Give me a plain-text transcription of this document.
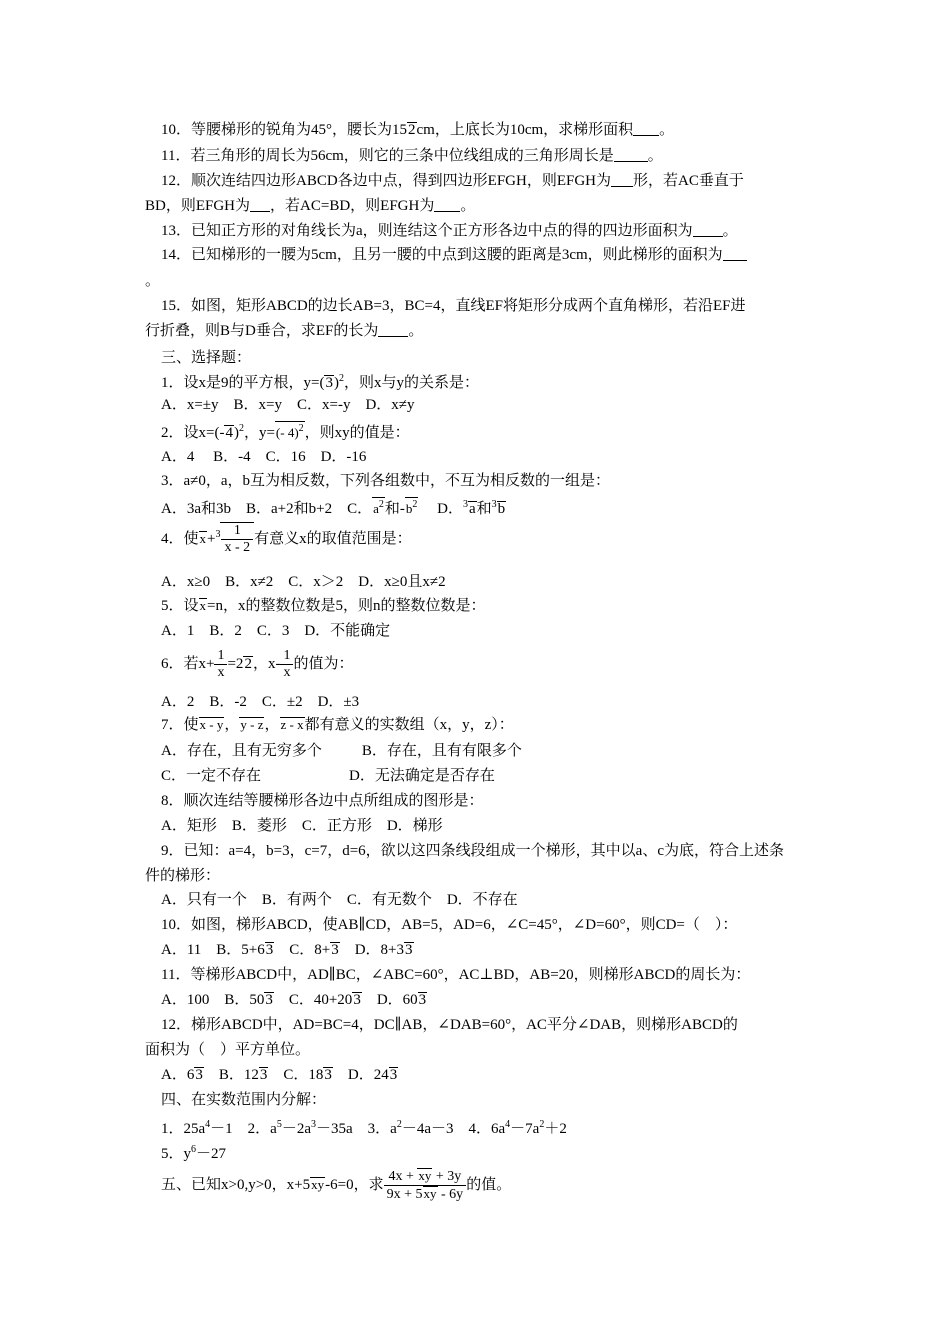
10．等腰梯形的锐角为45°，腰长为152cm，上底长为10cm，求梯形面积 。
11．若三角形的周长为56cm，则它的三条中位线组成的三角形周长是 。
12．顺次连结四边形ABCD各边中点，得到四边形EFGH，则EFGH为 形，若AC垂直于
BD，则EFGH为 ，若AC=BD，则EFGH为 。
13．已知正方形的对角线长为a，则连结这个正方形各边中点的得的四边形面积为 。
14．已知梯形的一腰为5cm，且另一腰的中点到这腰的距离是3cm，则此梯形的面积为
。
15．如图，矩形ABCD的边长AB=3，BC=4，直线EF将矩形分成两个直角梯形，若沿EF进
行折叠，则B与D垂合，求EF的长为 。
三、选择题：
1．设x是9的平方根，$y=(3)^2$，则x与y的关系是：
A．x=±y　B．x=y　C．x=-y　D．x≠y
2．设$x=(-4)^2$，y=(- 4)$^2$，则xy的值是：
A．4　 B．-4　C．16　D．-16
3．a≠0，a，b互为相反数，下列各组数中，不互为相反数的一组是：
A．3a和3b　B．a+2和b+2　C．$a^2$和$-b^2$　 D．$^3$a和$^3$b
4．使$x+^3 \frac{1}{x - 2}$ 有意义x的取值范围是：
A．x≥0　B．x≠2　C．x＞2　D．x≥0且x≠2
5．设x=n，x的整数位数是5，则n的整数位数是：
A．1　B．2　C．3　D．不能确定
6．若$x+ \frac{1}{x} =22$，$x- \frac{1}{x}$ 的值为：
A．2　B．-2　C．±2　D．±3
7．使x - y，y - z，z - x都有意义的实数组（x，y，z）：
A．存在，且有无穷多个	B．存在，且有有限多个
C．一定不存在	D．无法确定是否存在
8．顺次连结等腰梯形各边中点所组成的图形是：
A．矩形　B．菱形　C．正方形　D．梯形
9．已知：a=4，b=3，c=7，d=6，欲以这四条线段组成一个梯形，其中以a、c为底，符合上述条
件的梯形：
A．只有一个　B．有两个　C．有无数个　D．不存在
10．如图，梯形ABCD，使AB∥CD，AB=5，AD=6，∠C=45°，∠D=60°，则CD=（　）：
A．11　B．5+63　C．8+3　D．8+33
11．等梯形ABCD中，AD∥BC，∠ABC=60°，AC⊥BD，AB=20，则梯形ABCD的周长为：
A．100　B．503　C．40+203　D．603
12．梯形ABCD中，AD=BC=4，DC∥AB，∠DAB=60°，AC平分∠DAB，则梯形ABCD的
面积为（　）平方单位。
A．63　B．123　C．183　D．243
四、在实数范围内分解：
1．$25a^4-1$　2．$a^5-2a^3-35a$　3．$a^2-4a-3$　4．$6a^4-7a^2+2$
5．$y^6-27$
五、已知x>0,y>0，x+5xy-6=0，求 $\frac{4x + xy + 3y}{9x + 5xy - 6y}$ 的值。
